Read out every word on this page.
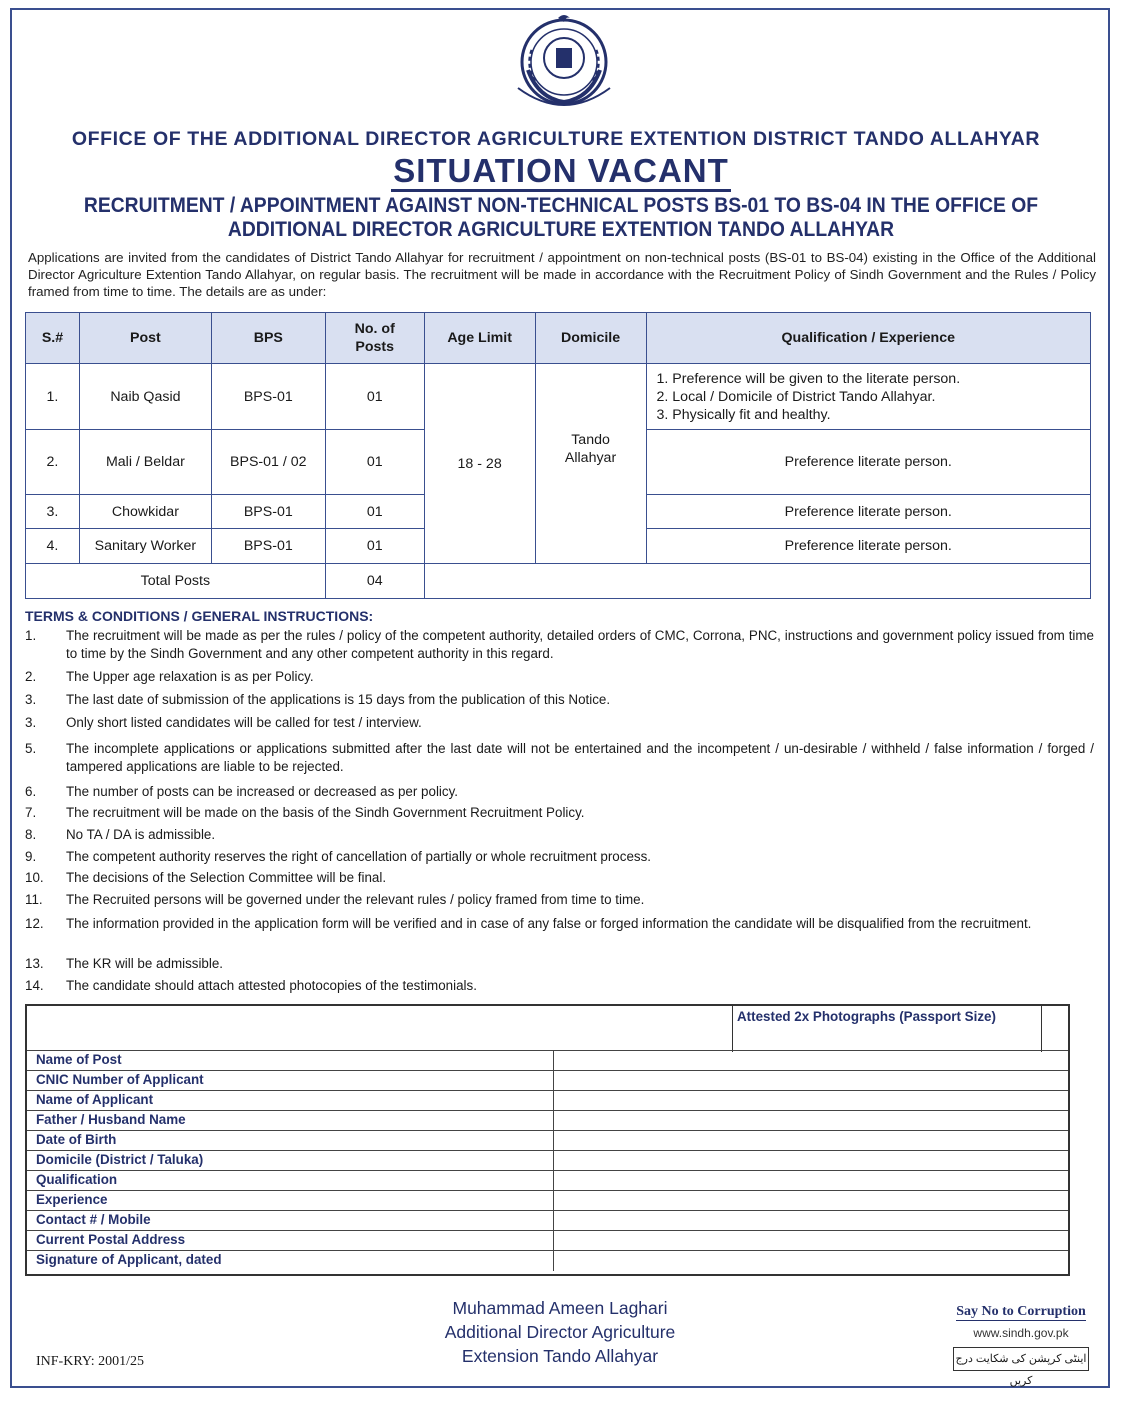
OFFICE OF THE ADDITIONAL DIRECTOR AGRICULTURE EXTENTION DISTRICT TANDO ALLAHYAR
SITUATION VACANT
RECRUITMENT / APPOINTMENT AGAINST NON-TECHNICAL POSTS BS-01 TO BS-04 IN THE OFFICE OF
ADDITIONAL DIRECTOR AGRICULTURE EXTENTION TANDO ALLAHYAR
Applications are invited from the candidates of District Tando Allahyar for recruitment / appointment on non-technical posts (BS-01 to BS-04) existing in the Office of the Additional Director Agriculture Extention Tando Allahyar, on regular basis. The recruitment will be made in accordance with the Recruitment Policy of Sindh Government and the Rules / Policy framed from time to time. The details are as under:
S.#	Post	BPS	No. of Posts	Age Limit	Domicile	Qualification / Experience
1.	Naib Qasid	BPS-01	01	18 - 28	Tando Allahyar	1. Preference will be given to the literate person.
2. Local / Domicile of District Tando Allahyar.
3. Physically fit and healthy.

2.	Mali / Beldar	BPS-01 / 02	01			Preference literate person.
3.	Chowkidar	BPS-01	01			Preference literate person.
4.	Sanitary Worker	BPS-01	01			Preference literate person.
Total Posts			04			
TERMS & CONDITIONS / GENERAL INSTRUCTIONS:
1.	The recruitment will be made as per the rules / policy of the competent authority, detailed orders of CMC, Corrona, PNC, instructions and government policy issued from time to time by the Sindh Government and any other competent authority in this regard.
2.	The Upper age relaxation is as per Policy.
3.	The last date of submission of the applications is 15 days from the publication of this Notice.
3.	Only short listed candidates will be called for test / interview.
5.	The incomplete applications or applications submitted after the last date will not be entertained and the incompetent / un-desirable / withheld / false information / forged / tampered applications are liable to be rejected.
6.	The number of posts can be increased or decreased as per policy.
7.	The recruitment will be made on the basis of the Sindh Government Recruitment Policy.
8.	No TA / DA is admissible.
9.	The competent authority reserves the right of cancellation of partially or whole recruitment process.
10.	The decisions of the Selection Committee will be final.
11.	The Recruited persons will be governed under the relevant rules / policy framed from time to time.
12.	The information provided in the application form will be verified and in case of any false or forged information the candidate will be disqualified from the recruitment.
13.	The KR will be admissible.
14.	The candidate should attach attested photocopies of the testimonials.
Attested 2x Photographs (Passport Size)
Name of Post
CNIC Number of Applicant
Name of Applicant
Father / Husband Name
Date of Birth
Domicile (District / Taluka)
Qualification
Experience
Contact # / Mobile
Current Postal Address
Signature of Applicant, dated
Muhammad Ameen Laghari
Additional Director Agriculture
Extension Tando Allahyar
INF-KRY: 2001/25
Say No to Corruption
www.sindh.gov.pk
اینٹی کرپشن کی شکایت درج کریں
